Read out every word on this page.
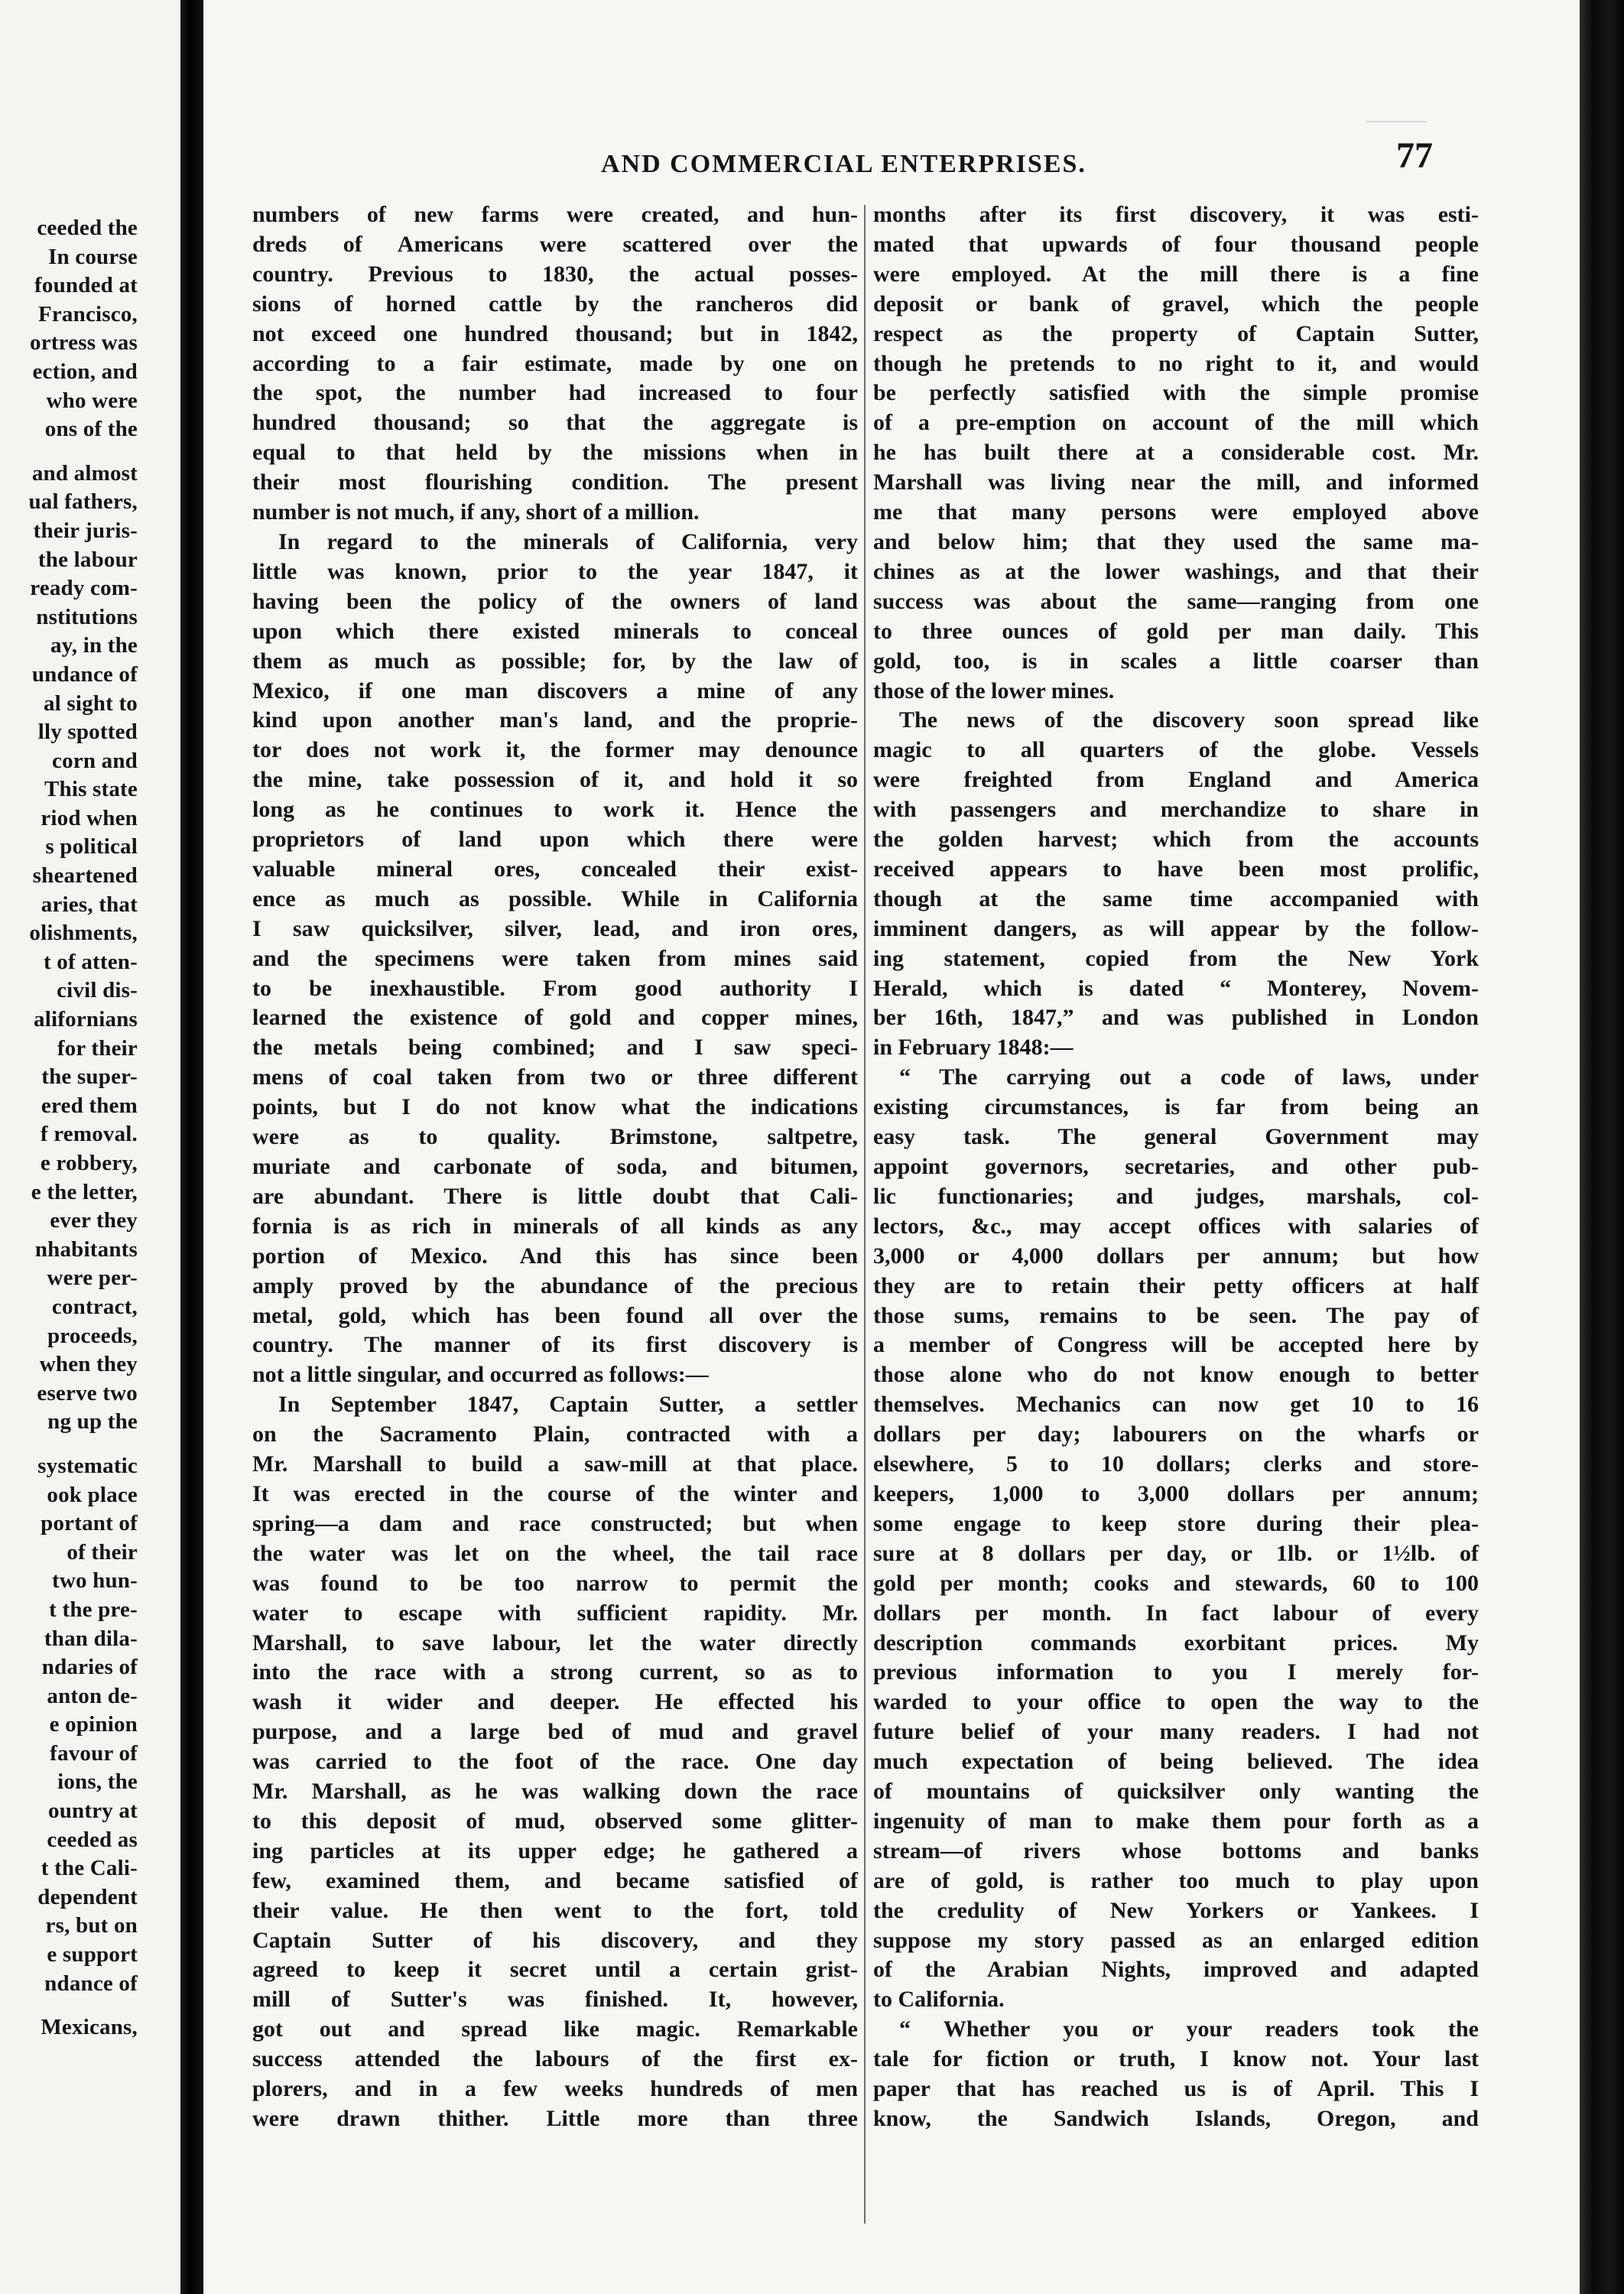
ceeded the
In course
founded at
Francisco,
ortress was
ection, and
who were
ons of the
and almost
ual fathers,
their juris-
the labour
ready com-
nstitutions
ay, in the
undance of
al sight to
lly spotted
corn and
This state
riod when
s political
sheartened
aries, that
olishments,
t of atten-
civil dis-
alifornians
for their
the super-
ered them
f removal.
e robbery,
e the letter,
ever they
nhabitants
were per-
contract,
proceeds,
when they
eserve two
ng up the
systematic
ook place
portant of
of their
two hun-
t the pre-
than dila-
ndaries of
anton de-
e opinion
favour of
ions, the
ountry at
ceeded as
t the Cali-
dependent
rs, but on
e support
ndance of
Mexicans,
AND COMMERCIAL ENTERPRISES.	77
numbers of new farms were created, and hun-
dreds of Americans were scattered over the
country. Previous to 1830, the actual posses-
sions of horned cattle by the rancheros did
not exceed one hundred thousand; but in 1842,
according to a fair estimate, made by one on
the spot, the number had increased to four
hundred thousand; so that the aggregate is
equal to that held by the missions when in
their most flourishing condition. The present
number is not much, if any, short of a million.
In regard to the minerals of California, very
little was known, prior to the year 1847, it
having been the policy of the owners of land
upon which there existed minerals to conceal
them as much as possible; for, by the law of
Mexico, if one man discovers a mine of any
kind upon another man's land, and the proprie-
tor does not work it, the former may denounce
the mine, take possession of it, and hold it so
long as he continues to work it. Hence the
proprietors of land upon which there were
valuable mineral ores, concealed their exist-
ence as much as possible. While in California
I saw quicksilver, silver, lead, and iron ores,
and the specimens were taken from mines said
to be inexhaustible. From good authority I
learned the existence of gold and copper mines,
the metals being combined; and I saw speci-
mens of coal taken from two or three different
points, but I do not know what the indications
were as to quality. Brimstone, saltpetre,
muriate and carbonate of soda, and bitumen,
are abundant. There is little doubt that Cali-
fornia is as rich in minerals of all kinds as any
portion of Mexico. And this has since been
amply proved by the abundance of the precious
metal, gold, which has been found all over the
country. The manner of its first discovery is
not a little singular, and occurred as follows:—
In September 1847, Captain Sutter, a settler
on the Sacramento Plain, contracted with a
Mr. Marshall to build a saw-mill at that place.
It was erected in the course of the winter and
spring—a dam and race constructed; but when
the water was let on the wheel, the tail race
was found to be too narrow to permit the
water to escape with sufficient rapidity. Mr.
Marshall, to save labour, let the water directly
into the race with a strong current, so as to
wash it wider and deeper. He effected his
purpose, and a large bed of mud and gravel
was carried to the foot of the race. One day
Mr. Marshall, as he was walking down the race
to this deposit of mud, observed some glitter-
ing particles at its upper edge; he gathered a
few, examined them, and became satisfied of
their value. He then went to the fort, told
Captain Sutter of his discovery, and they
agreed to keep it secret until a certain grist-
mill of Sutter's was finished. It, however,
got out and spread like magic. Remarkable
success attended the labours of the first ex-
plorers, and in a few weeks hundreds of men
were drawn thither. Little more than three
months after its first discovery, it was esti-
mated that upwards of four thousand people
were employed. At the mill there is a fine
deposit or bank of gravel, which the people
respect as the property of Captain Sutter,
though he pretends to no right to it, and would
be perfectly satisfied with the simple promise
of a pre-emption on account of the mill which
he has built there at a considerable cost. Mr.
Marshall was living near the mill, and informed
me that many persons were employed above
and below him; that they used the same ma-
chines as at the lower washings, and that their
success was about the same—ranging from one
to three ounces of gold per man daily. This
gold, too, is in scales a little coarser than
those of the lower mines.
The news of the discovery soon spread like
magic to all quarters of the globe. Vessels
were freighted from England and America
with passengers and merchandize to share in
the golden harvest; which from the accounts
received appears to have been most prolific,
though at the same time accompanied with
imminent dangers, as will appear by the follow-
ing statement, copied from the New York
Herald, which is dated “ Monterey, Novem-
ber 16th, 1847,” and was published in London
in February 1848:—
“ The carrying out a code of laws, under
existing circumstances, is far from being an
easy task. The general Government may
appoint governors, secretaries, and other pub-
lic functionaries; and judges, marshals, col-
lectors, &c., may accept offices with salaries of
3,000 or 4,000 dollars per annum; but how
they are to retain their petty officers at half
those sums, remains to be seen. The pay of
a member of Congress will be accepted here by
those alone who do not know enough to better
themselves. Mechanics can now get 10 to 16
dollars per day; labourers on the wharfs or
elsewhere, 5 to 10 dollars; clerks and store-
keepers, 1,000 to 3,000 dollars per annum;
some engage to keep store during their plea-
sure at 8 dollars per day, or 1lb. or 1½lb. of
gold per month; cooks and stewards, 60 to 100
dollars per month. In fact labour of every
description commands exorbitant prices. My
previous information to you I merely for-
warded to your office to open the way to the
future belief of your many readers. I had not
much expectation of being believed. The idea
of mountains of quicksilver only wanting the
ingenuity of man to make them pour forth as a
stream—of rivers whose bottoms and banks
are of gold, is rather too much to play upon
the credulity of New Yorkers or Yankees. I
suppose my story passed as an enlarged edition
of the Arabian Nights, improved and adapted
to California.
“ Whether you or your readers took the
tale for fiction or truth, I know not. Your last
paper that has reached us is of April. This I
know, the Sandwich Islands, Oregon, and
